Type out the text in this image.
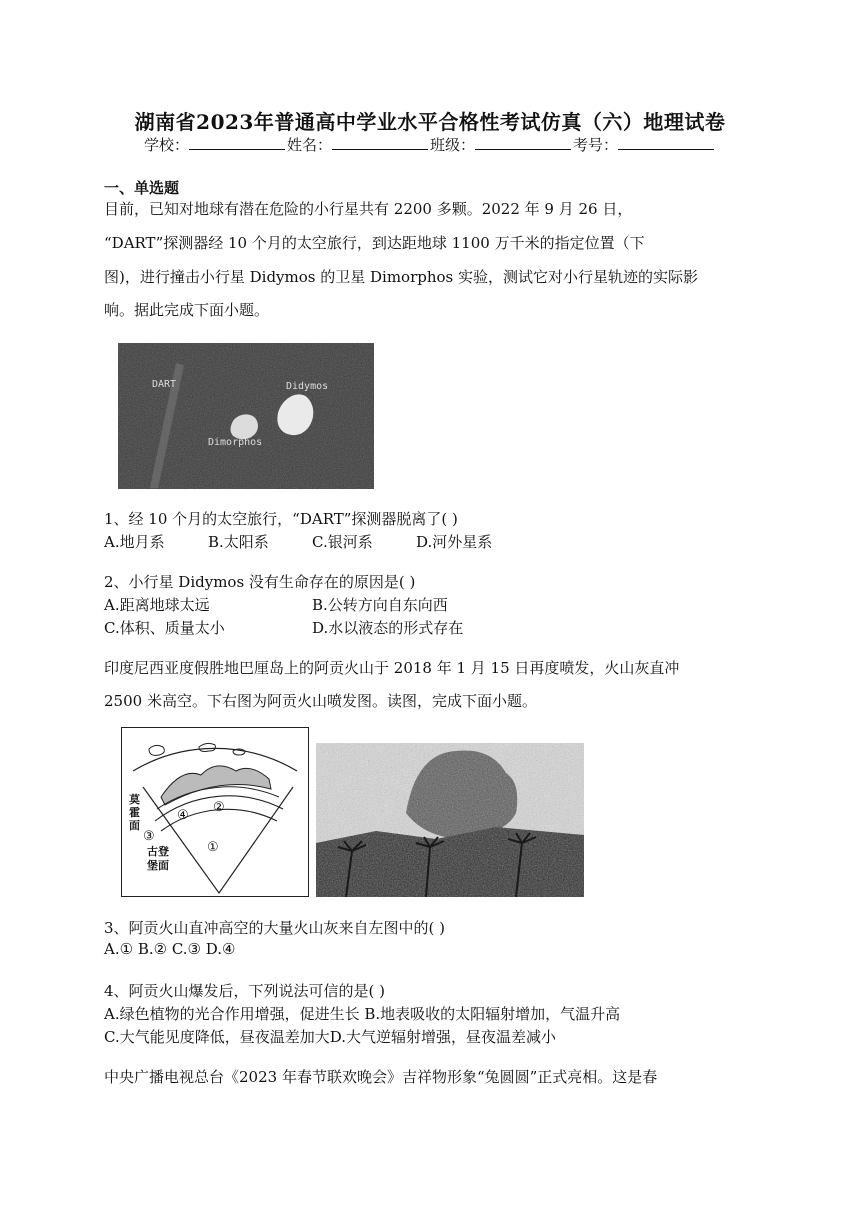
湖南省2023年普通高中学业水平合格性考试仿真（六）地理试卷
学校：	姓名：	班级：	考号：
一、单选题
目前，已知对地球有潜在危险的小行星共有 2200 多颗。2022 年 9 月 26 日，
“DART”探测器经 10 个月的太空旅行，到达距地球 1100 万千米的指定位置（下
图)，进行撞击小行星 Didymos 的卫星 Dimorphos 实验，测试它对小行星轨迹的实际影
响。据此完成下面小题。
DART	Didymos
Dimorphos
1、经 10 个月的太空旅行，“DART”探测器脱离了( )
A.地月系	B.太阳系	C.银河系	D.河外星系
2、小行星 Didymos 没有生命存在的原因是( )
A.距离地球太远	B.公转方向自东向西
C.体积、质量太小	D.水以液态的形式存在
印度尼西亚度假胜地巴厘岛上的阿贡火山于 2018 年 1 月 15 日再度喷发，火山灰直冲
2500 米高空。下右图为阿贡火山喷发图。读图，完成下面小题。
④
②
③
①
莫霍面
古登堡面
3、阿贡火山直冲高空的大量火山灰来自左图中的( )
A.① B.② C.③ D.④
4、阿贡火山爆发后，下列说法可信的是( )
A.绿色植物的光合作用增强，促进生长 B.地表吸收的太阳辐射增加，气温升高
C.大气能见度降低，昼夜温差加大D.大气逆辐射增强，昼夜温差减小
中央广播电视总台《2023 年春节联欢晚会》吉祥物形象“兔圆圆”正式亮相。这是春
